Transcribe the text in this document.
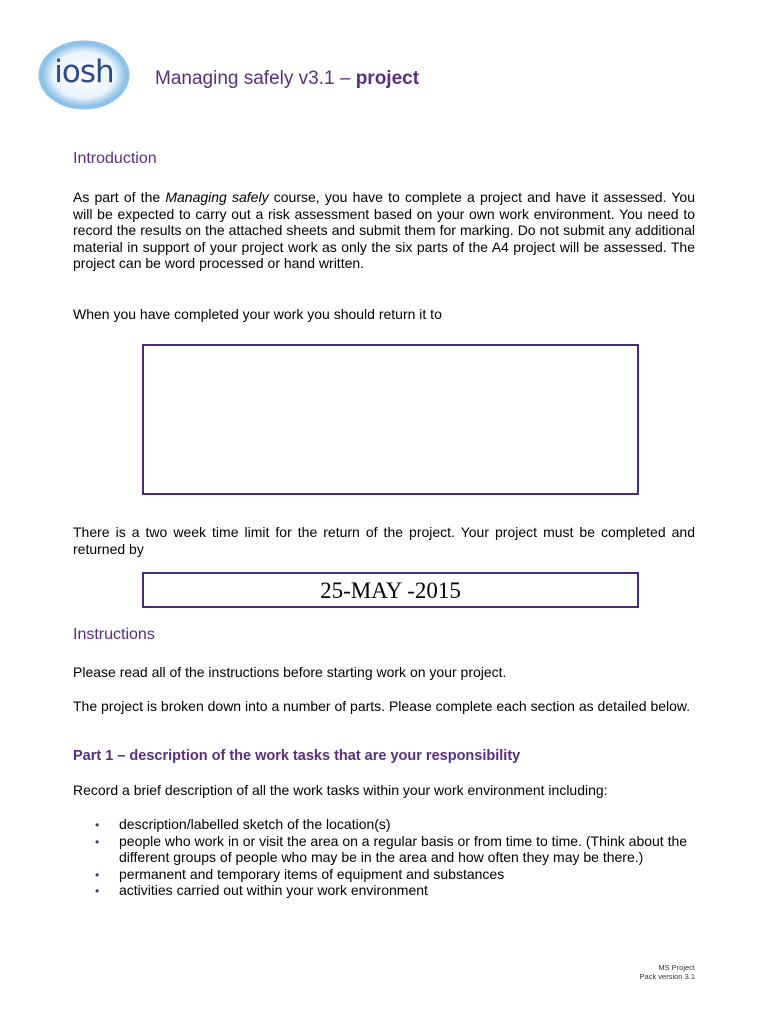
iosh	Managing safely v3.1 – project
Introduction

As part of the Managing safely course, you have to complete a project and have it assessed. You will be expected to carry out a risk assessment based on your own work environment. You need to record the results on the attached sheets and submit them for marking. Do not submit any additional material in support of your project work as only the six parts of the A4 project will be assessed. The project can be word processed or hand written.

When you have completed your work you should return it to

There is a two week time limit for the return of the project. Your project must be completed and returned by

25-MAY -2015
Instructions

Please read all of the instructions before starting work on your project.

The project is broken down into a number of parts. Please complete each section as detailed below.

Part 1 – description of the work tasks that are your responsibility

Record a brief description of all the work tasks within your work environment including:

• description/labelled sketch of the location(s)
• people who work in or visit the area on a regular basis or from time to time. (Think about the different groups of people who may be in the area and how often they may be there.)
• permanent and temporary items of equipment and substances
• activities carried out within your work environment
MS Project
Pack version 3.1
